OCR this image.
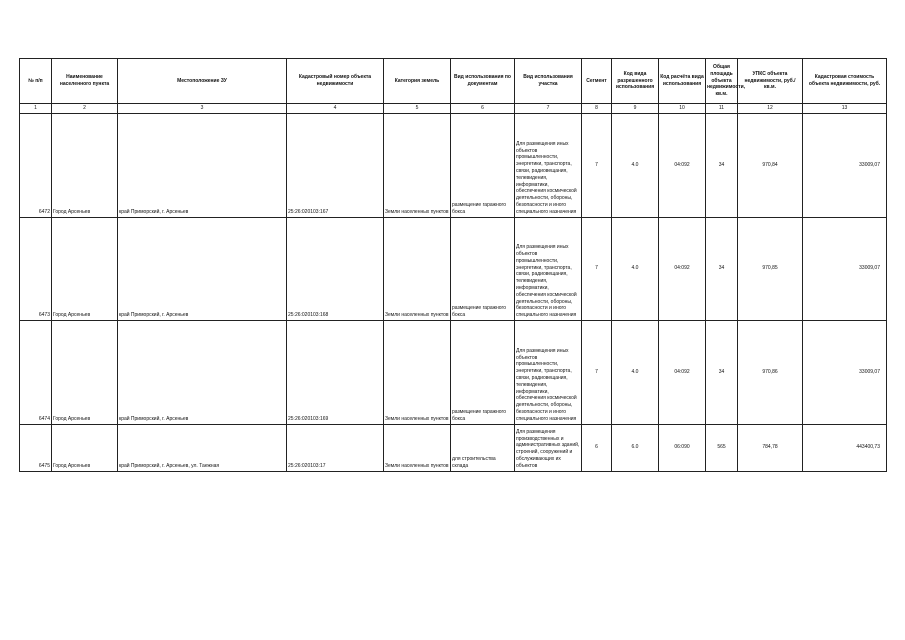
№ п/п	Наименование населенного пункта	Местоположение ЗУ	Кадастровый номер объекта недвижимости	Категория земель	Вид использования по документам	Вид использования участка	Сегмент	Код вида разрешенного использования	Код расчёта вида использования	Общая площадь объекта недвижимости, кв.м.	УПКС объекта недвижимости, руб./кв.м.	Кадастровая стоимость объекта недвижимости, руб.
1	2	3	4	5	6	7	8	9	10	11	12	13
6472	Город Арсеньев	край Приморский, г. Арсеньев	25:26:020103:167	Земли населенных пунктов	размещение гаражного бокса	Для размещения иных объектов промышленности, энергетики, транспорта, связи, радиовещания, телевидения, информатики, обеспечения космической деятельности, обороны, безопасности и иного специального назначения	7	4.0	04:092	34	970,84	33009,07
6473	Город Арсеньев	край Приморский, г. Арсеньев	25:26:020103:168	Земли населенных пунктов	размещение гаражного бокса	Для размещения иных объектов промышленности, энергетики, транспорта, связи, радиовещания, телевидения, информатики, обеспечения космической деятельности, обороны, безопасности и иного специального назначения	7	4.0	04:092	34	970,85	33009,07
6474	Город Арсеньев	край Приморский, г. Арсеньев	25:26:020103:169	Земли населенных пунктов	размещение гаражного бокса	Для размещения иных объектов промышленности, энергетики, транспорта, связи, радиовещания, телевидения, информатики, обеспечения космической деятельности, обороны, безопасности и иного специального назначения	7	4.0	04:092	34	970,86	33009,07
6475	Город Арсеньев	край Приморский, г. Арсеньев, ул. Таежная	25:26:020103:17	Земли населенных пунктов	для строительства склада	Для размещения производственных и административных зданий, строений, сооружений и обслуживающих их объектов	6	6.0	06:090	565	784,78	443400,73
